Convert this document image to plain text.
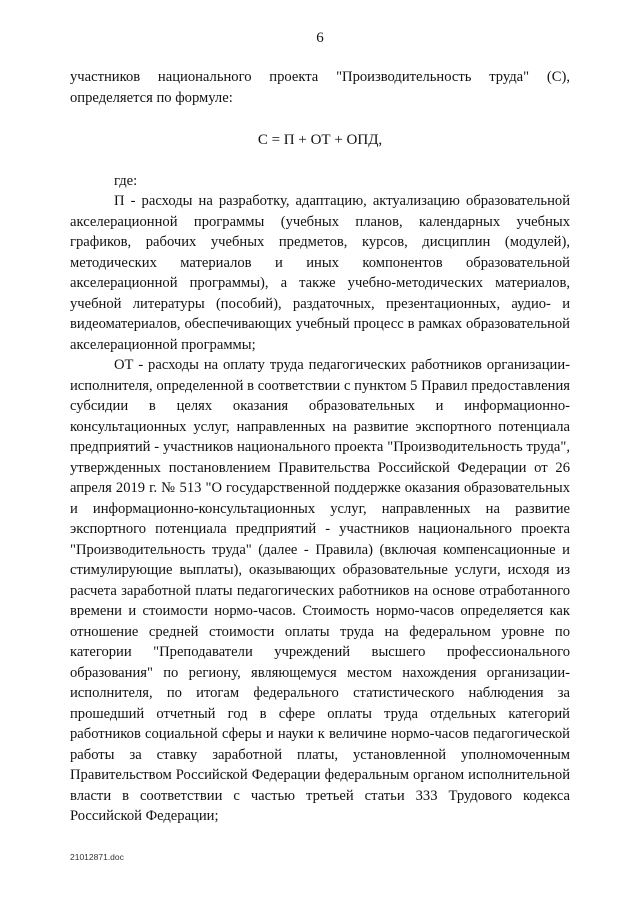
6

участников национального проекта "Производительность труда" (С), определяется по формуле:

С = П + ОТ + ОПД,

где:

П - расходы на разработку, адаптацию, актуализацию образовательной акселерационной программы (учебных планов, календарных учебных графиков, рабочих учебных предметов, курсов, дисциплин (модулей), методических материалов и иных компонентов образовательной акселерационной программы), а также учебно-методических материалов, учебной литературы (пособий), раздаточных, презентационных, аудио- и видеоматериалов, обеспечивающих учебный процесс в рамках образовательной акселерационной программы;

ОТ - расходы на оплату труда педагогических работников организации-исполнителя, определенной в соответствии с пунктом 5 Правил предоставления субсидии в целях оказания образовательных и информационно-консультационных услуг, направленных на развитие экспортного потенциала предприятий - участников национального проекта "Производительность труда", утвержденных постановлением Правительства Российской Федерации от 26 апреля 2019 г. № 513 "О государственной поддержке оказания образовательных и информационно-консультационных услуг, направленных на развитие экспортного потенциала предприятий - участников национального проекта "Производительность труда" (далее - Правила) (включая компенсационные и стимулирующие выплаты), оказывающих образовательные услуги, исходя из расчета заработной платы педагогических работников на основе отработанного времени и стоимости нормо-часов. Стоимость нормо-часов определяется как отношение средней стоимости оплаты труда на федеральном уровне по категории "Преподаватели учреждений высшего профессионального образования" по региону, являющемуся местом нахождения организации-исполнителя, по итогам федерального статистического наблюдения за прошедший отчетный год в сфере оплаты труда отдельных категорий работников социальной сферы и науки к величине нормо-часов педагогической работы за ставку заработной платы, установленной уполномоченным Правительством Российской Федерации федеральным органом исполнительной власти в соответствии с частью третьей статьи 333 Трудового кодекса Российской Федерации;

21012871.doc
